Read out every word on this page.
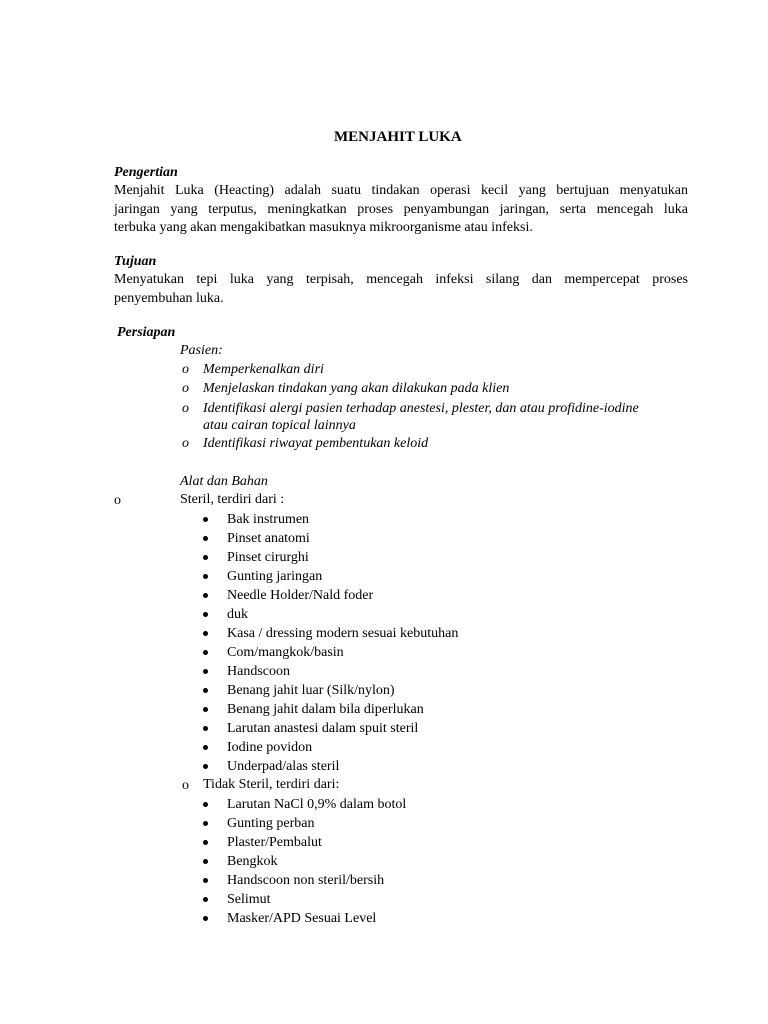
MENJAHIT LUKA
Pengertian
Menjahit Luka (Heacting) adalah suatu tindakan operasi kecil yang bertujuan menyatukan
jaringan yang terputus, meningkatkan proses penyambungan jaringan, serta mencegah luka
terbuka yang akan mengakibatkan masuknya mikroorganisme atau infeksi.
Tujuan
Menyatukan tepi luka yang terpisah, mencegah infeksi silang dan mempercepat proses
penyembuhan luka.
Persiapan
Pasien:
o Memperkenalkan diri
o Menjelaskan tindakan yang akan dilakukan pada klien
o Identifikasi alergi pasien terhadap anestesi, plester, dan atau profidine-iodine
atau cairan topical lainnya
o Identifikasi riwayat pembentukan keloid
Alat dan Bahan
o	Steril, terdiri dari :
Bak instrumen
Pinset anatomi
Pinset cirurghi
Gunting jaringan
Needle Holder/Nald foder
duk
Kasa / dressing modern sesuai kebutuhan
Com/mangkok/basin
Handscoon
Benang jahit luar (Silk/nylon)
Benang jahit dalam bila diperlukan
Larutan anastesi dalam spuit steril
Iodine povidon
Underpad/alas steril
o Tidak Steril, terdiri dari:
Larutan NaCl 0,9% dalam botol
Gunting perban
Plaster/Pembalut
Bengkok
Handscoon non steril/bersih
Selimut
Masker/APD Sesuai Level
